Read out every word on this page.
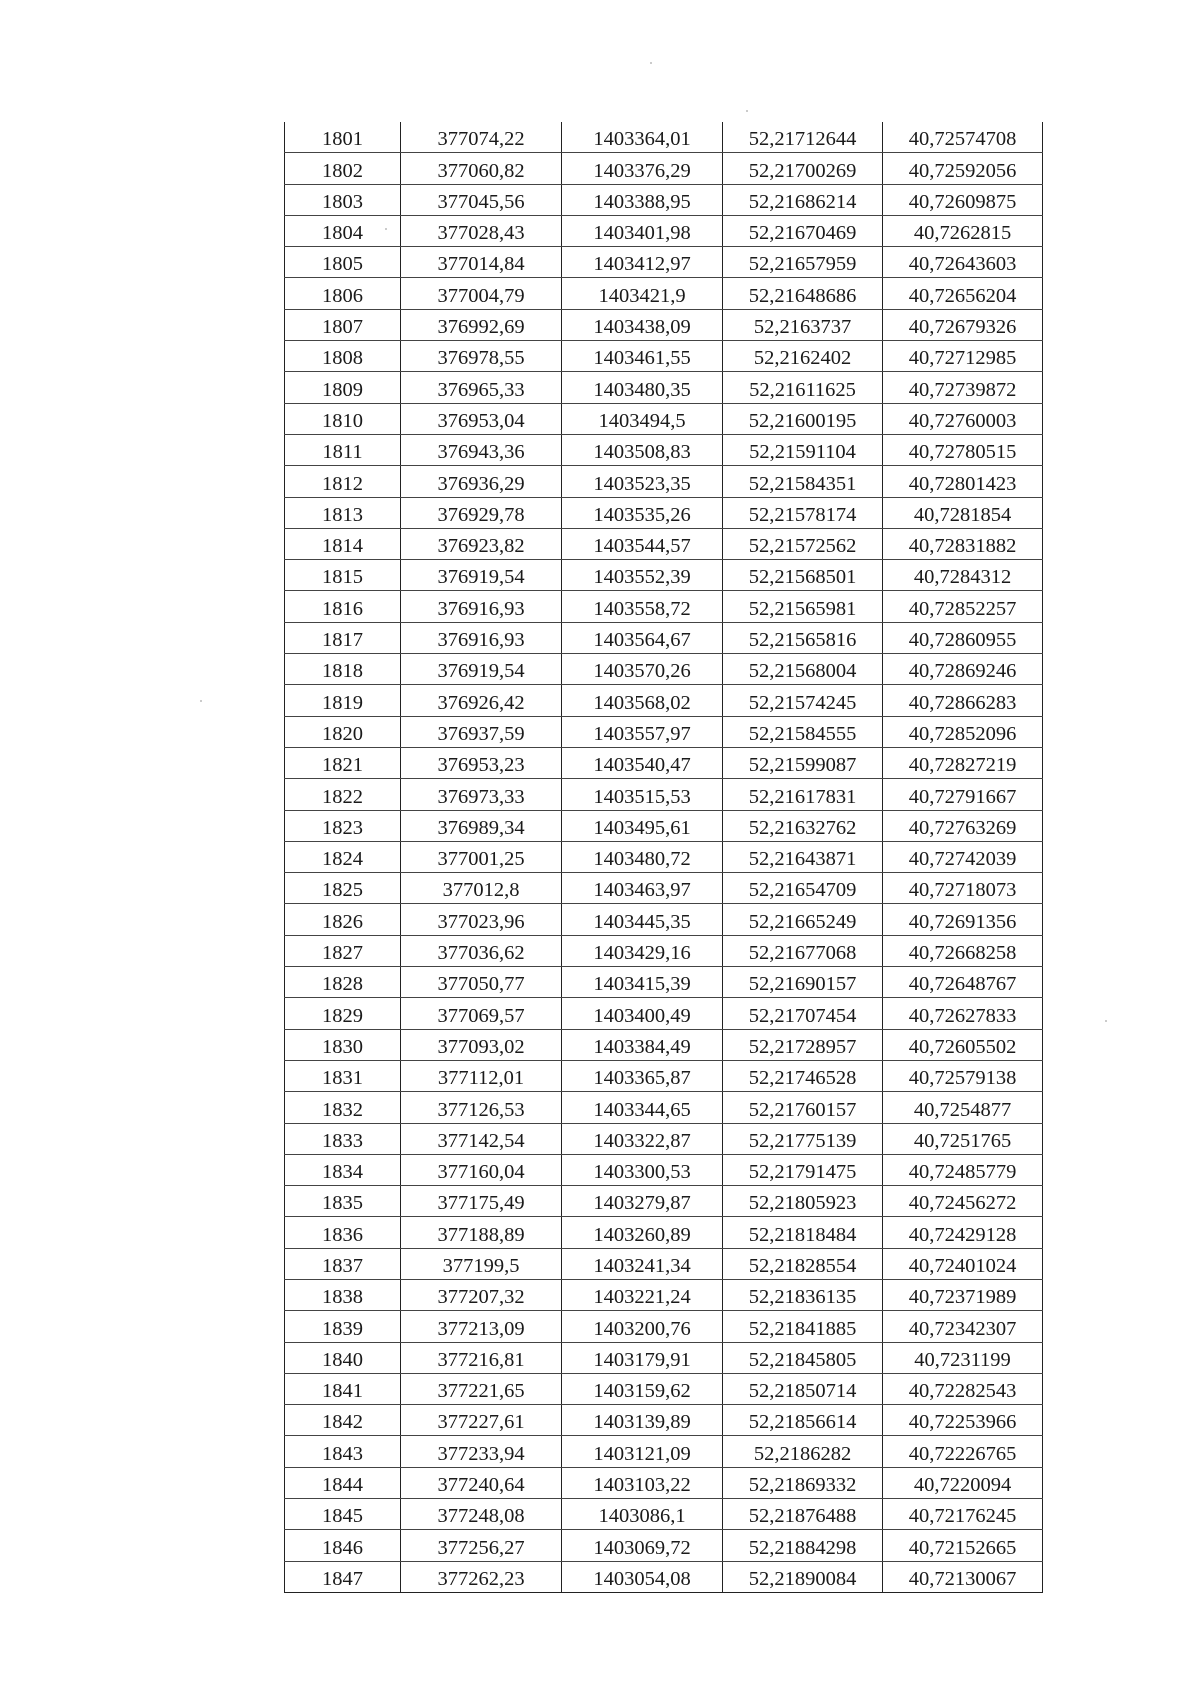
1801	377074,22	1403364,01	52,21712644	40,72574708
1802	377060,82	1403376,29	52,21700269	40,72592056
1803	377045,56	1403388,95	52,21686214	40,72609875
1804	377028,43	1403401,98	52,21670469	40,7262815
1805	377014,84	1403412,97	52,21657959	40,72643603
1806	377004,79	1403421,9	52,21648686	40,72656204
1807	376992,69	1403438,09	52,2163737	40,72679326
1808	376978,55	1403461,55	52,2162402	40,72712985
1809	376965,33	1403480,35	52,21611625	40,72739872
1810	376953,04	1403494,5	52,21600195	40,72760003
1811	376943,36	1403508,83	52,21591104	40,72780515
1812	376936,29	1403523,35	52,21584351	40,72801423
1813	376929,78	1403535,26	52,21578174	40,7281854
1814	376923,82	1403544,57	52,21572562	40,72831882
1815	376919,54	1403552,39	52,21568501	40,7284312
1816	376916,93	1403558,72	52,21565981	40,72852257
1817	376916,93	1403564,67	52,21565816	40,72860955
1818	376919,54	1403570,26	52,21568004	40,72869246
1819	376926,42	1403568,02	52,21574245	40,72866283
1820	376937,59	1403557,97	52,21584555	40,72852096
1821	376953,23	1403540,47	52,21599087	40,72827219
1822	376973,33	1403515,53	52,21617831	40,72791667
1823	376989,34	1403495,61	52,21632762	40,72763269
1824	377001,25	1403480,72	52,21643871	40,72742039
1825	377012,8	1403463,97	52,21654709	40,72718073
1826	377023,96	1403445,35	52,21665249	40,72691356
1827	377036,62	1403429,16	52,21677068	40,72668258
1828	377050,77	1403415,39	52,21690157	40,72648767
1829	377069,57	1403400,49	52,21707454	40,72627833
1830	377093,02	1403384,49	52,21728957	40,72605502
1831	377112,01	1403365,87	52,21746528	40,72579138
1832	377126,53	1403344,65	52,21760157	40,7254877
1833	377142,54	1403322,87	52,21775139	40,7251765
1834	377160,04	1403300,53	52,21791475	40,72485779
1835	377175,49	1403279,87	52,21805923	40,72456272
1836	377188,89	1403260,89	52,21818484	40,72429128
1837	377199,5	1403241,34	52,21828554	40,72401024
1838	377207,32	1403221,24	52,21836135	40,72371989
1839	377213,09	1403200,76	52,21841885	40,72342307
1840	377216,81	1403179,91	52,21845805	40,7231199
1841	377221,65	1403159,62	52,21850714	40,72282543
1842	377227,61	1403139,89	52,21856614	40,72253966
1843	377233,94	1403121,09	52,2186282	40,72226765
1844	377240,64	1403103,22	52,21869332	40,7220094
1845	377248,08	1403086,1	52,21876488	40,72176245
1846	377256,27	1403069,72	52,21884298	40,72152665
1847	377262,23	1403054,08	52,21890084	40,72130067
